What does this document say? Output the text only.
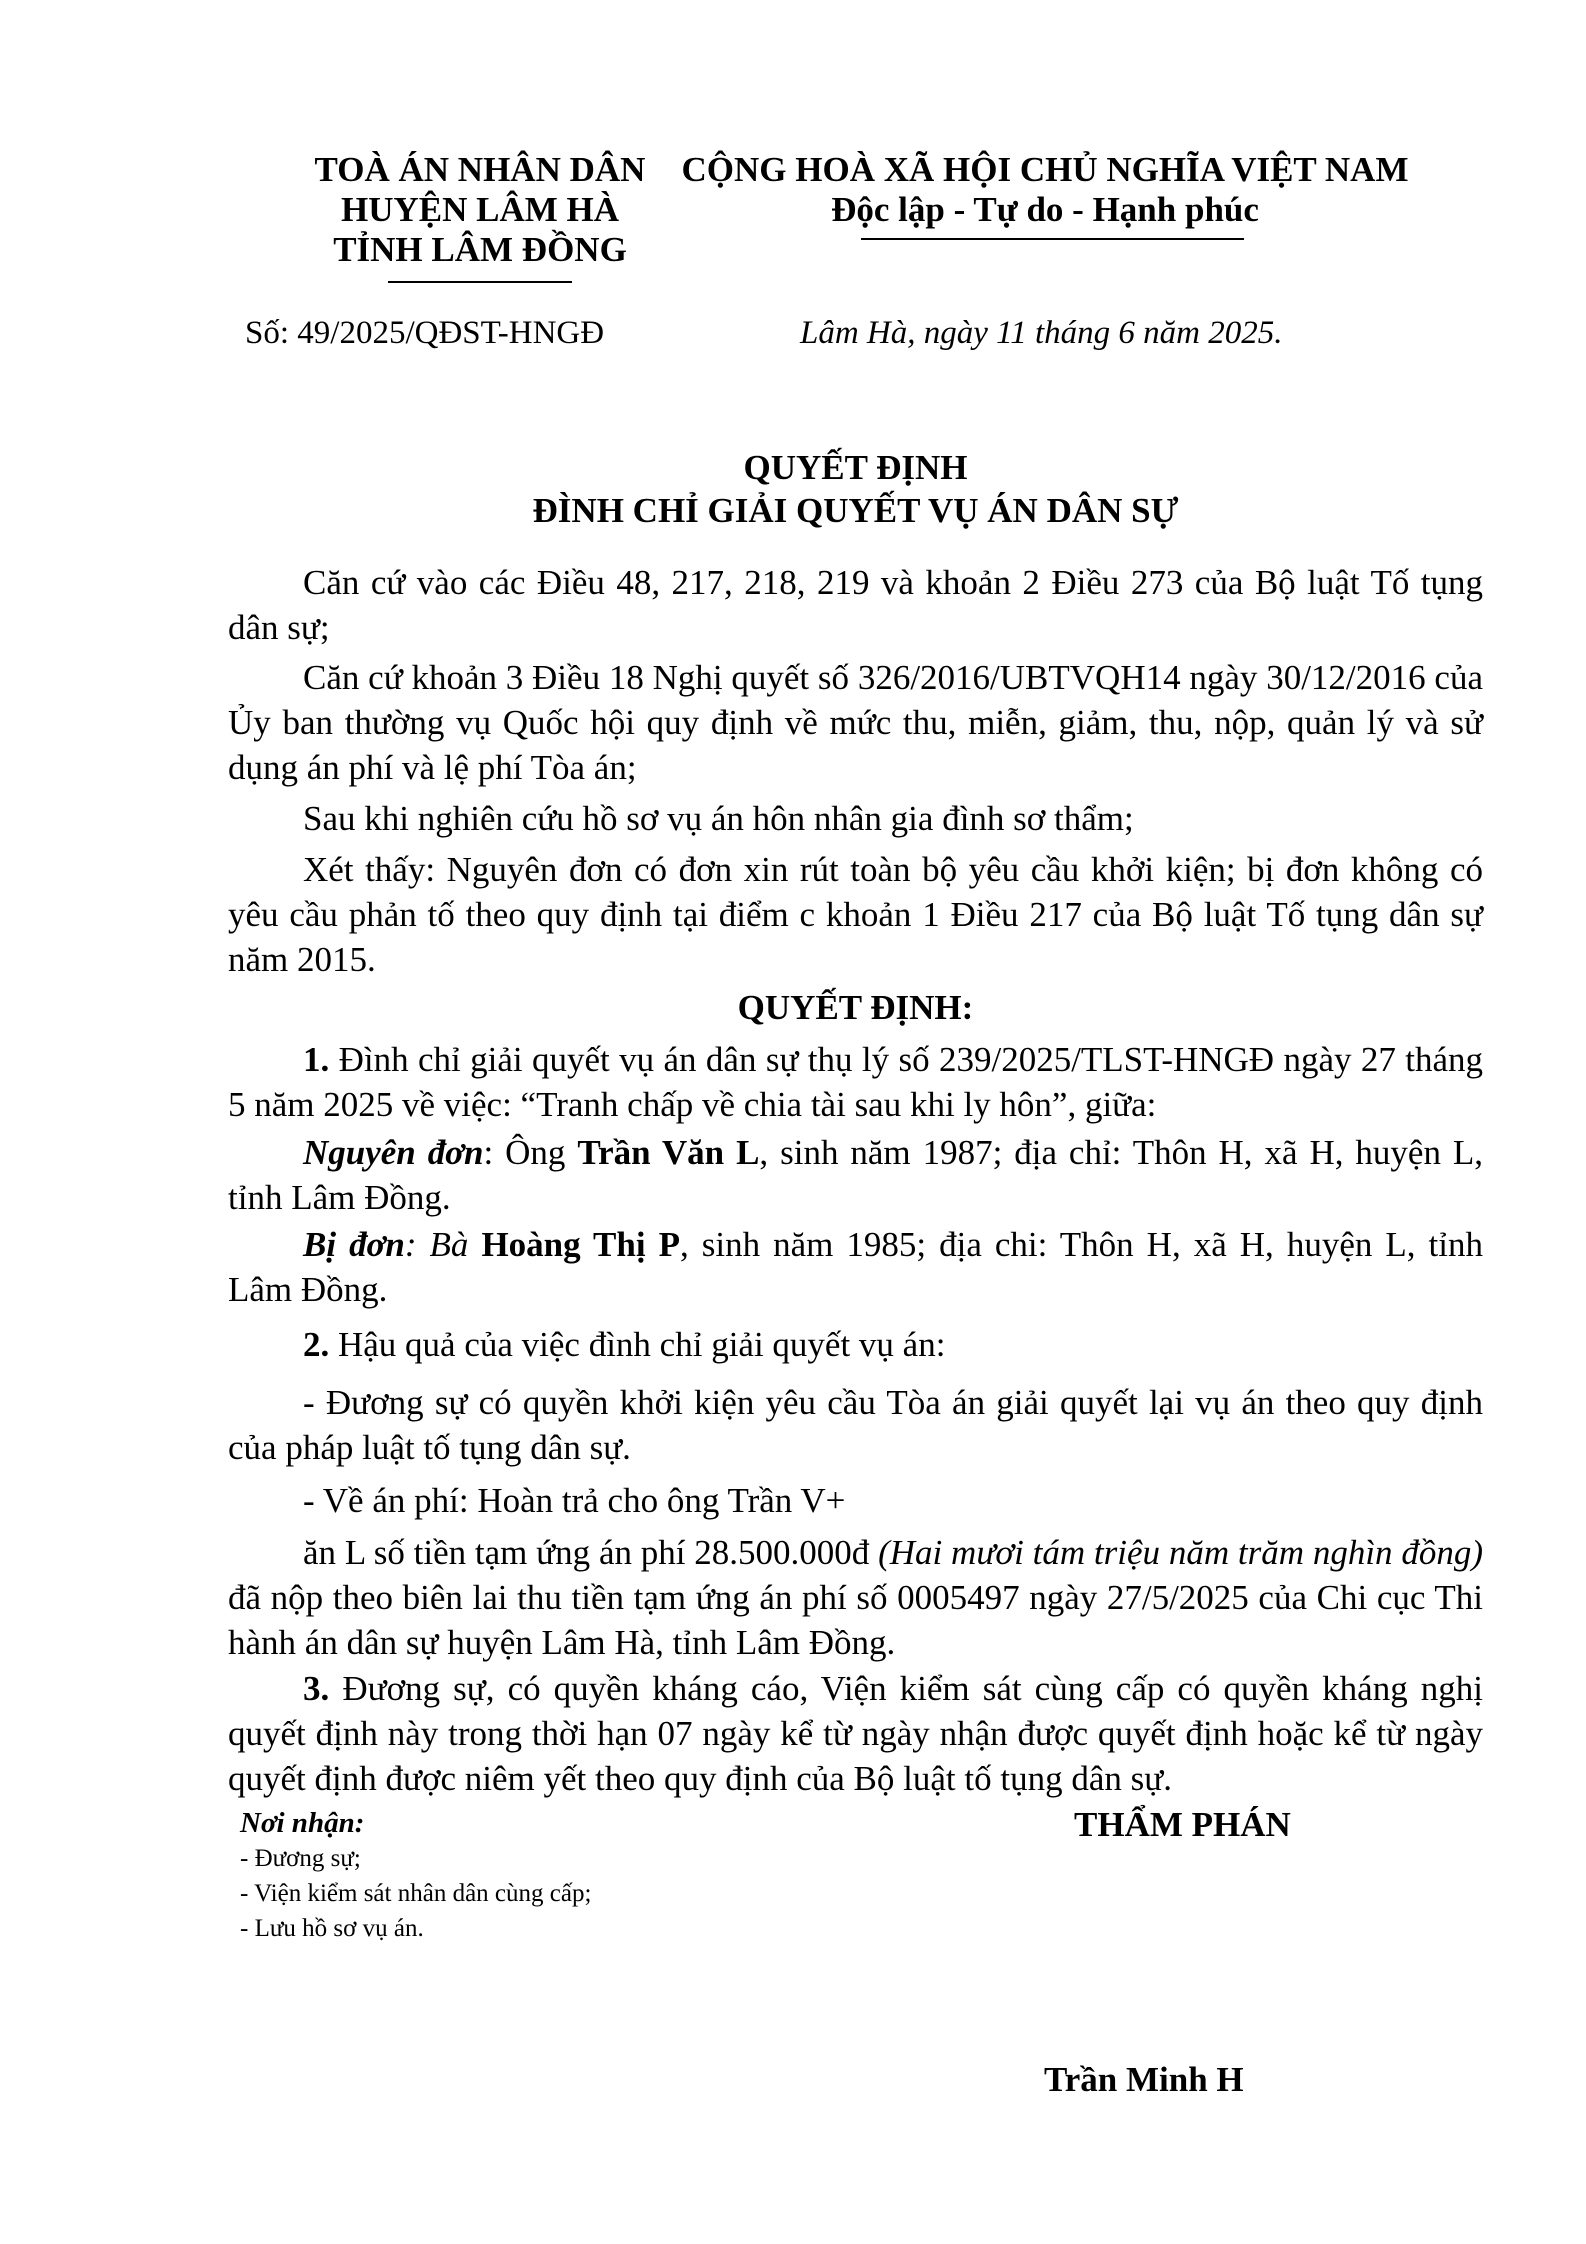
TOÀ ÁN NHÂN DÂN
HUYỆN LÂM HÀ
TỈNH LÂM ĐỒNG
CỘNG HOÀ XÃ HỘI CHỦ NGHĨA VIỆT NAM
Độc lập - Tự do - Hạnh phúc
Số: 49/2025/QĐST-HNGĐ	Lâm Hà, ngày 11 tháng 6 năm 2025.
QUYẾT ĐỊNH
ĐÌNH CHỈ GIẢI QUYẾT VỤ ÁN DÂN SỰ
Căn cứ vào các Điều 48, 217, 218, 219 và khoản 2 Điều 273 của Bộ luật Tố tụng dân sự;
Căn cứ khoản 3 Điều 18 Nghị quyết số 326/2016/UBTVQH14 ngày 30/12/2016 của Ủy ban thường vụ Quốc hội quy định về mức thu, miễn, giảm, thu, nộp, quản lý và sử dụng án phí và lệ phí Tòa án;
Sau khi nghiên cứu hồ sơ vụ án hôn nhân gia đình sơ thẩm;
Xét thấy: Nguyên đơn có đơn xin rút toàn bộ yêu cầu khởi kiện; bị đơn không có yêu cầu phản tố theo quy định tại điểm c khoản 1 Điều 217 của Bộ luật Tố tụng dân sự năm 2015.
QUYẾT ĐỊNH:
1. Đình chỉ giải quyết vụ án dân sự thụ lý số 239/2025/TLST-HNGĐ ngày 27 tháng 5 năm 2025 về việc: “Tranh chấp về chia tài sau khi ly hôn”, giữa:
Nguyên đơn: Ông Trần Văn L, sinh năm 1987; địa chỉ: Thôn H, xã H, huyện L, tỉnh Lâm Đồng.
Bị đơn: Bà Hoàng Thị P, sinh năm 1985; địa chi: Thôn H, xã H, huyện L, tỉnh Lâm Đồng.
2. Hậu quả của việc đình chỉ giải quyết vụ án:
- Đương sự có quyền khởi kiện yêu cầu Tòa án giải quyết lại vụ án theo quy định của pháp luật tố tụng dân sự.
- Về án phí: Hoàn trả cho ông Trần V+
ăn L số tiền tạm ứng án phí 28.500.000đ (Hai mươi tám triệu năm trăm nghìn đồng) đã nộp theo biên lai thu tiền tạm ứng án phí số 0005497 ngày 27/5/2025 của Chi cục Thi hành án dân sự huyện Lâm Hà, tỉnh Lâm Đồng.
3. Đương sự, có quyền kháng cáo, Viện kiểm sát cùng cấp có quyền kháng nghị quyết định này trong thời hạn 07 ngày kể từ ngày nhận được quyết định hoặc kể từ ngày quyết định được niêm yết theo quy định của Bộ luật tố tụng dân sự.
Nơi nhận:
- Đương sự;
- Viện kiểm sát nhân dân cùng cấp;
- Lưu hồ sơ vụ án.
THẨM PHÁN
Trần Minh H
